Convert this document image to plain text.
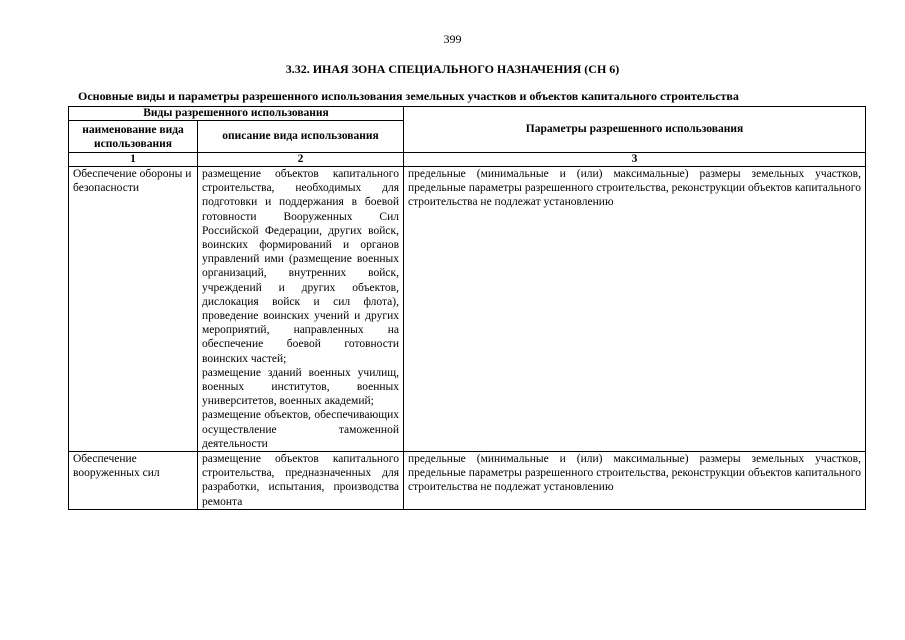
399
3.32. ИНАЯ ЗОНА СПЕЦИАЛЬНОГО НАЗНАЧЕНИЯ (СН 6)
Основные виды и параметры разрешенного использования земельных участков и объектов капитального строительства
Виды разрешенного использования		Параметры разрешенного использования
наименование вида использования	описание вида использования	
1	2	3
Обеспечение обороны и безопасности	размещение объектов капитального строительства, необходимых для подготовки и поддержания в боевой готовности Вооруженных Сил Российской Федерации, других войск, воинских формирований и органов управлений ими (размещение военных организаций, внутренних войск, учреждений и других объектов, дислокация войск и сил флота), проведение воинских учений и других мероприятий, направленных на обеспечение боевой готовности воинских частей;
размещение зданий военных училищ, военных институтов, военных университетов, военных академий;
размещение объектов, обеспечивающих осуществление таможенной деятельности	предельные (минимальные и (или) максимальные) размеры земельных участков, предельные параметры разрешенного строительства, реконструкции объектов капитального строительства не подлежат установлению
Обеспечение вооруженных сил	размещение объектов капитального строительства, предназначенных для разработки, испытания, производства ремонта	предельные (минимальные и (или) максимальные) размеры земельных участков, предельные параметры разрешенного строительства, реконструкции объектов капитального строительства не подлежат установлению
